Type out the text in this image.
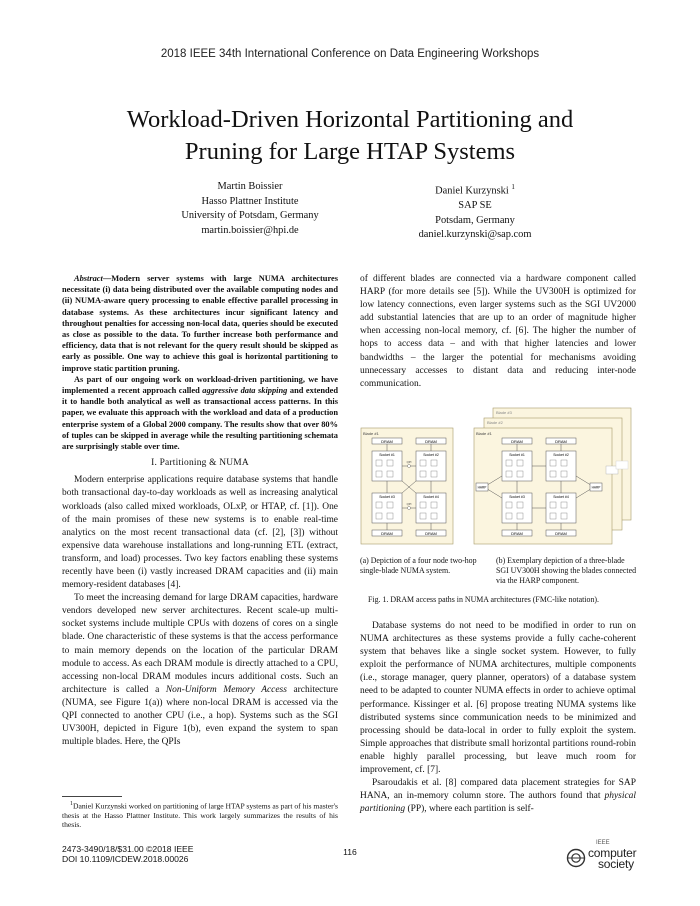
2018 IEEE 34th International Conference on Data Engineering Workshops
Workload-Driven Horizontal Partitioning and
Pruning for Large HTAP Systems
Martin Boissier
Hasso Plattner Institute
University of Potsdam, Germany
martin.boissier@hpi.de
Daniel Kurzynski $^1$
SAP SE
Potsdam, Germany
daniel.kurzynski@sap.com

Abstract—Modern server systems with large NUMA architectures necessitate (i) data being distributed over the available computing nodes and (ii) NUMA-aware query processing to enable effective parallel processing in database systems. As these architectures incur significant latency and throughout penalties for accessing non-local data, queries should be executed as close as possible to the data. To further increase both performance and efficiency, data that is not relevant for the query result should be skipped as early as possible. One way to achieve this goal is horizontal partitioning to improve static partition pruning.

As part of our ongoing work on workload-driven partitioning, we have implemented a recent approach called aggressive data skipping and extended it to handle both analytical as well as transactional access patterns. In this paper, we evaluate this approach with the workload and data of a production enterprise system of a Global 2000 company. The results show that over 80% of tuples can be skipped in average while the resulting partitioning schemata are surprisingly stable over time.

I. Partitioning & NUMA

Modern enterprise applications require database systems that handle both transactional day-to-day workloads as well as increasing analytical workloads (also called mixed workloads, OLxP, or HTAP, cf. [1]). One of the main promises of these new systems is to enable real-time analytics on the most recent transactional data (cf. [2], [3]) without expensive data warehouse installations and long-running ETL (extract, transform, and load) processes. Two key factors enabling these systems recently have been (i) vastly increased DRAM capacities and (ii) main memory-resident databases [4].

To meet the increasing demand for large DRAM capacities, hardware vendors developed new server architectures. Recent scale-up multi-socket systems include multiple CPUs with dozens of cores on a single blade. One characteristic of these systems is that the access performance to main memory depends on the location of the particular DRAM module to access. As each DRAM module is directly attached to a CPU, accessing non-local DRAM modules incurs additional costs. Such an architecture is called a Non-Uniform Memory Access architecture (NUMA, see Figure 1(a)) where non-local DRAM is accessed via the QPI connected to another CPU (i.e., a hop). Systems such as the SGI UV300H, depicted in Figure 1(b), even expand the system to span multiple blades. Here, the QPIs

$^1$Daniel Kurzynski worked on partitioning of large HTAP systems as part of his master's thesis at the Hasso Plattner Institute. This work largely summarizes the results of his thesis.

of different blades are connected via a hardware component called HARP (for more details see [5]). While the UV300H is optimized for low latency connections, even larger systems such as the SGI UV2000 add substantial latencies that are up to an order of magnitude higher when accessing non-local memory, cf. [6]. The higher the number of hops to access data – and with that higher latencies and lower bandwidths – the larger the potential for mechanisms avoiding unnecessary accesses to distant data and reducing inter-node communication.

Blade #1
DRAM	DRAM
Socket #1	Socket #2
Socket #3	Socket #4
DRAM	DRAM
QPI
QPI
Blade #3
Blade #2
Blade #1
DRAM	DRAM
Socket #1	Socket #2
Socket #3	Socket #4
DRAM	DRAM
HARP	HARP
(a) Depiction of a four node two-hop single-blade NUMA system.
(b) Exemplary depiction of a three-blade SGI UV300H showing the blades connected via the HARP component.
Fig. 1. DRAM access paths in NUMA architectures (FMC-like notation).

Database systems do not need to be modified in order to run on NUMA architectures as these systems provide a fully cache-coherent system that behaves like a single socket system. However, to fully exploit the performance of NUMA architectures, multiple components (i.e., storage manager, query planner, operators) of a database system need to be adapted to counter NUMA effects in order to achieve optimal performance. Kissinger et al. [6] propose treating NUMA systems like distributed systems since communication needs to be minimized and processing should be data-local in order to fully exploit the system. Simple approaches that distribute small horizontal partitions round-robin enable highly parallel processing, but leave much room for improvement, cf. [7].

Psaroudakis et al. [8] compared data placement strategies for SAP HANA, an in-memory column store. The authors found that physical partitioning (PP), where each partition is self-

2473-3490/18/$31.00 ©2018 IEEE
DOI 10.1109/ICDEW.2018.00026
116
IEEE
computer
society
